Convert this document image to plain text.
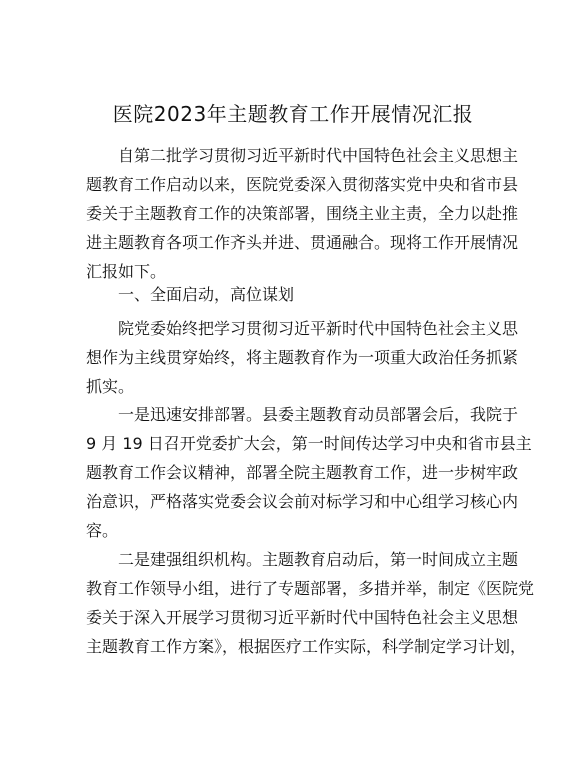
医院2023年主题教育工作开展情况汇报

自第二批学习贯彻习近平新时代中国特色社会主义思想主
题教育工作启动以来，医院党委深入贯彻落实党中央和省市县
委关于主题教育工作的决策部署，围绕主业主责，全力以赴推
进主题教育各项工作齐头并进、贯通融合。现将工作开展情况
汇报如下。

一、全面启动，高位谋划

院党委始终把学习贯彻习近平新时代中国特色社会主义思
想作为主线贯穿始终，将主题教育作为一项重大政治任务抓紧
抓实。

一是迅速安排部署。县委主题教育动员部署会后，我院于
9 月 19 日召开党委扩大会，第一时间传达学习中央和省市县主
题教育工作会议精神，部署全院主题教育工作，进一步树牢政
治意识，严格落实党委会议会前对标学习和中心组学习核心内
容。

二是建强组织机构。主题教育启动后，第一时间成立主题
教育工作领导小组，进行了专题部署，多措并举，制定《医院党
委关于深入开展学习贯彻习近平新时代中国特色社会主义思想
主题教育工作方案》，根据医疗工作实际，科学制定学习计划，
